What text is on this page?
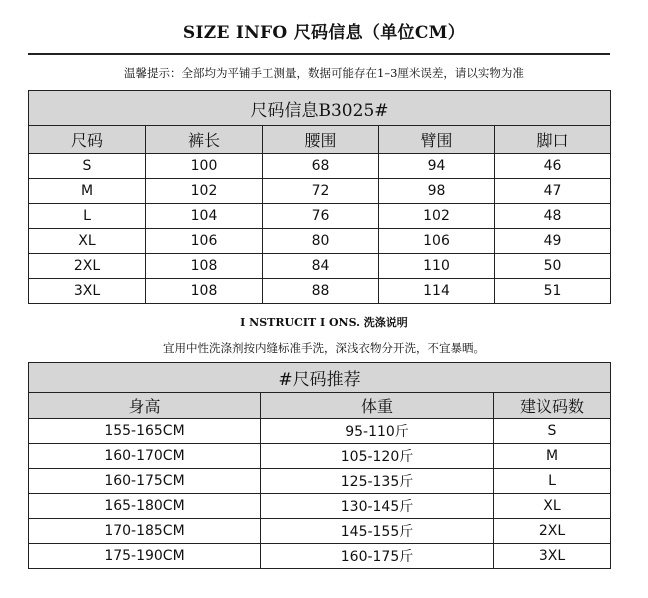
SIZE INFO 尺码信息（单位CM）
温馨提示：全部均为平铺手工测量，数据可能存在1–3厘米误差，请以实物为准
尺码信息B3025#				
尺码	裤长	腰围	臂围	脚口
S	100	68	94	46
M	102	72	98	47
L	104	76	102	48
XL	106	80	106	49
2XL	108	84	110	50
3XL	108	88	114	51
I NSTRUCIT I ONS. 洗涤说明
宜用中性洗涤剂按内缝标准手洗，深浅衣物分开洗，不宜暴晒。
#尺码推荐		
身高	体重	建议码数
155-165CM	95-110斤	S
160-170CM	105-120斤	M
160-175CM	125-135斤	L
165-180CM	130-145斤	XL
170-185CM	145-155斤	2XL
175-190CM	160-175斤	3XL
